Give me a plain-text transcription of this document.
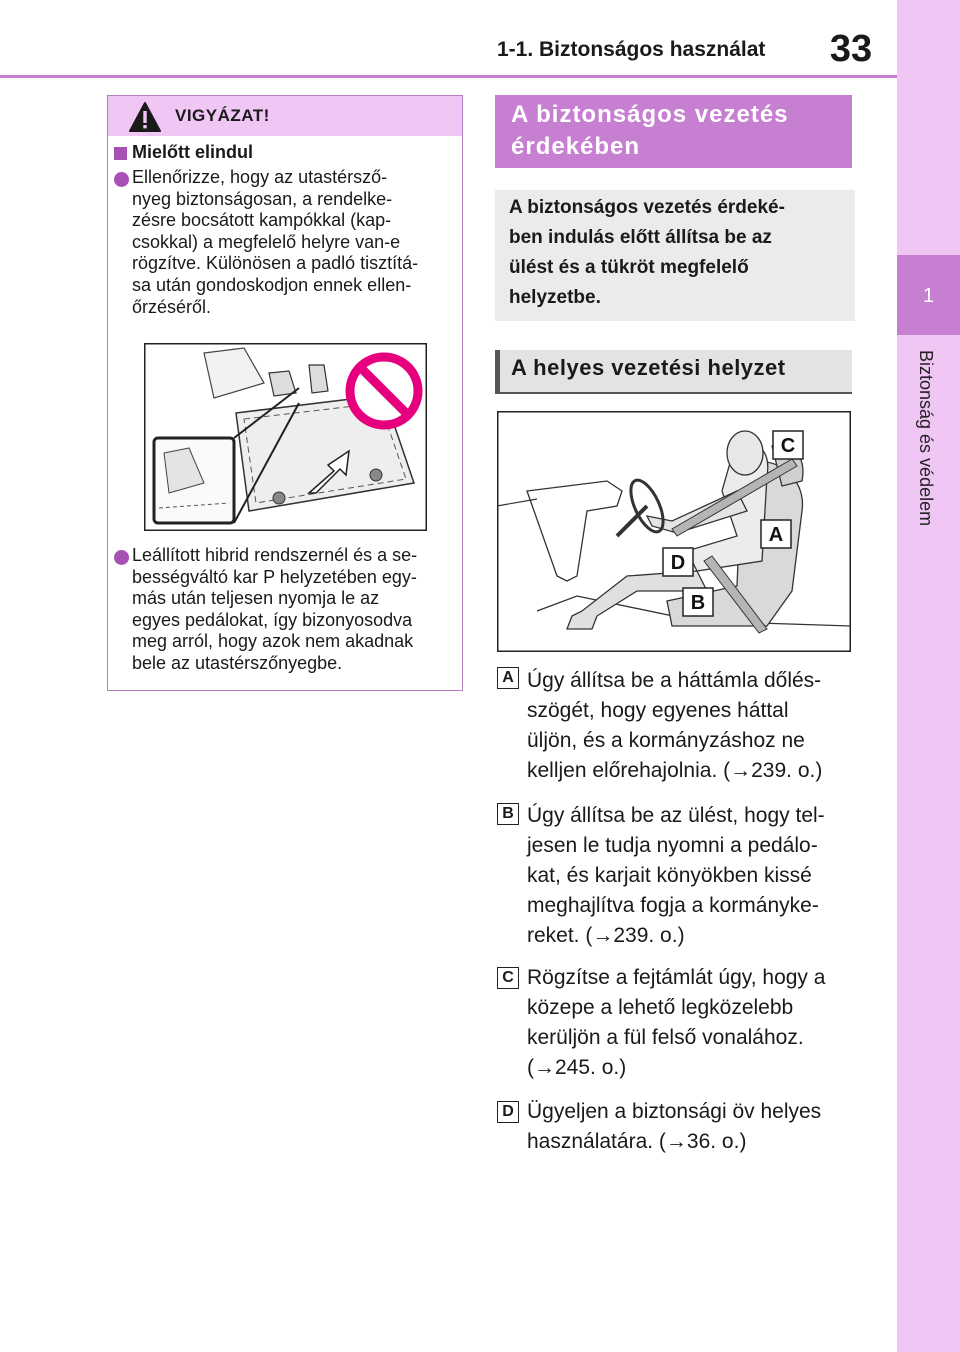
1-1. Biztonságos használat	33
1
Biztonság és védelem
VIGYÁZAT!
Mielőtt elindul
Ellenőrizze, hogy az utastérsző-
nyeg biztonságosan, a rendelke-
zésre bocsátott kampókkal (kap-
csokkal) a megfelelő helyre van-e
rögzítve. Különösen a padló tisztítá-
sa után gondoskodjon ennek ellen-
őrzéséről.
Leállított hibrid rendszernél és a se-
bességváltó kar P helyzetében egy-
más után teljesen nyomja le az
egyes pedálokat, így bizonyosodva
meg arról, hogy azok nem akadnak
bele az utastérszőnyegbe.
A biztonságos vezetés
érdekében
A biztonságos vezetés érdeké-
ben indulás előtt állítsa be az
ülést és a tükröt megfelelő
helyzetbe.
A helyes vezetési helyzet
C
A
D
B
A Úgy állítsa be a háttámla dőlés-
szögét, hogy egyenes háttal
üljön, és a kormányzáshoz ne
kelljen előrehajolnia. (→239. o.)
B Úgy állítsa be az ülést, hogy tel-
jesen le tudja nyomni a pedálo-
kat, és karjait könyökben kissé
meghajlítva fogja a kormányke-
reket. (→239. o.)
C Rögzítse a fejtámlát úgy, hogy a
közepe a lehető legközelebb
kerüljön a fül felső vonalához.
(→245. o.)
D Ügyeljen a biztonsági öv helyes
használatára. (→36. o.)
